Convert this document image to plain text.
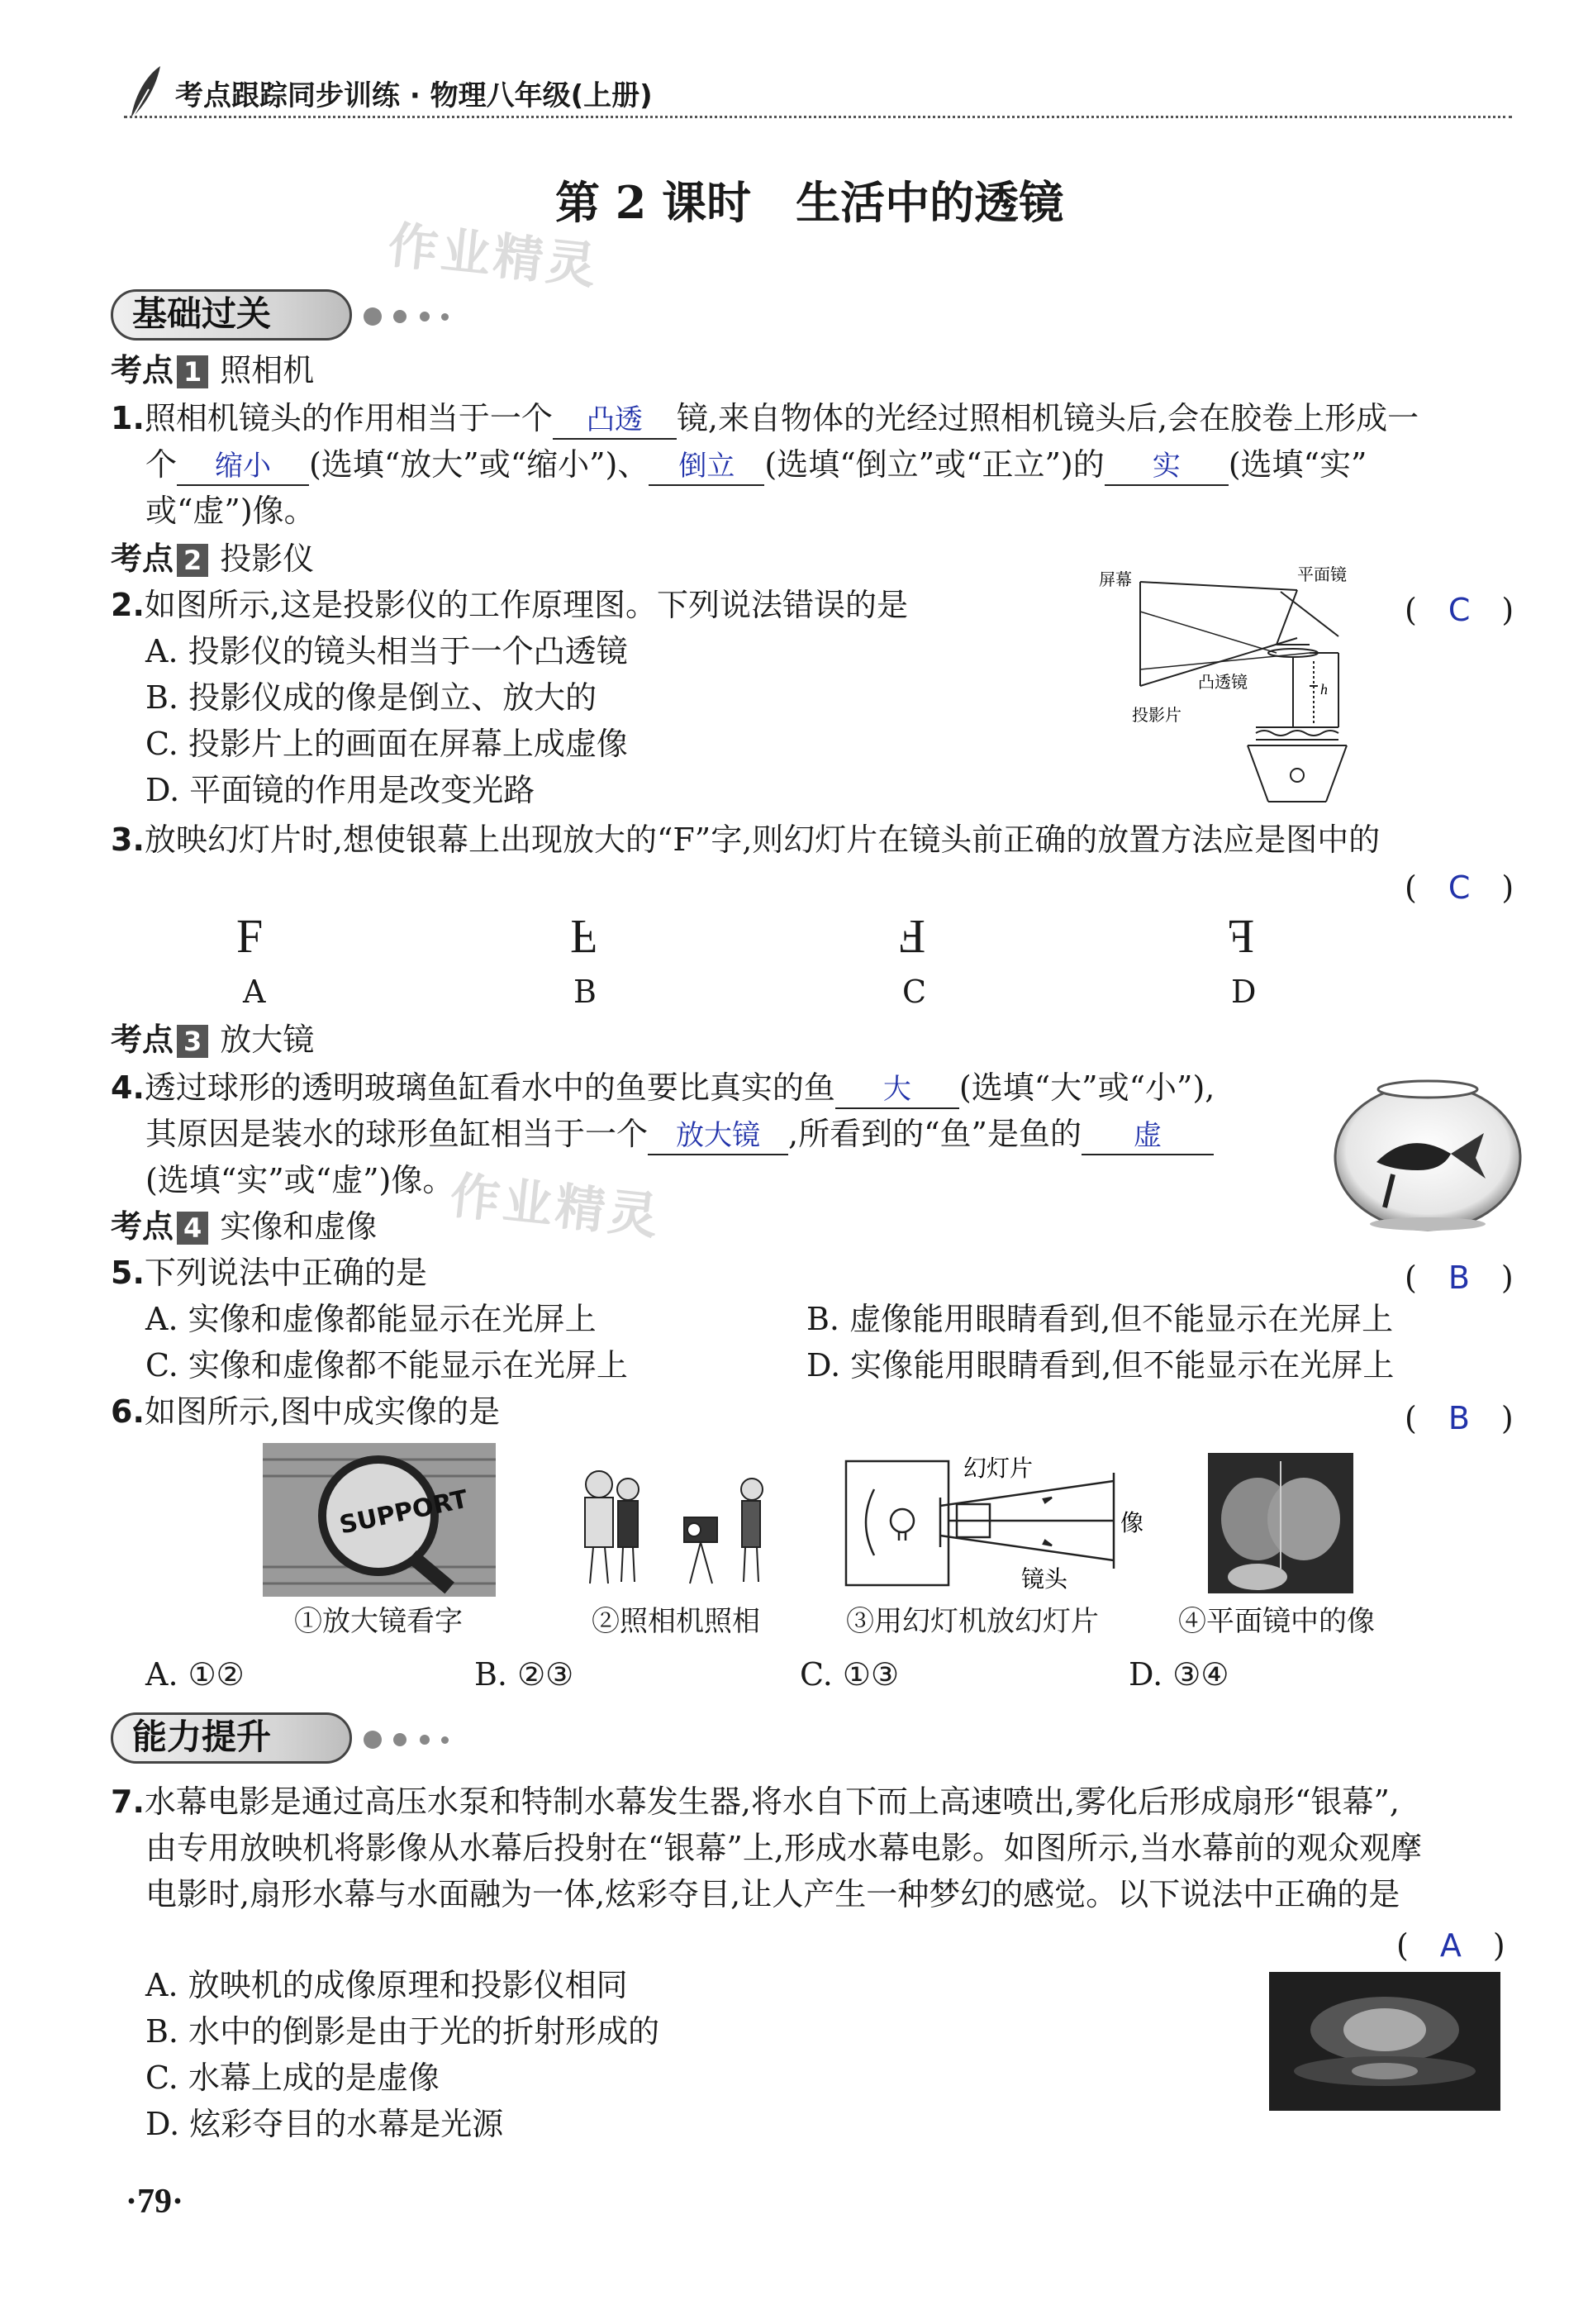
考点跟踪同步训练 · 物理八年级(上册)
第 2 课时　生活中的透镜
作业精灵
基础过关
考点 1 照相机
1.照相机镜头的作用相当于一个 凸透 镜,来自物体的光经过照相机镜头后,会在胶卷上形成一
个 缩小 (选填“放大”或“缩小”)、 倒立 (选填“倒立”或“正立”)的 实 (选填“实”
或“虚”)像。
考点 2 投影仪
2.如图所示,这是投影仪的工作原理图。下列说法错误的是	(　C　)
A. 投影仪的镜头相当于一个凸透镜
B. 投影仪成的像是倒立、放大的
C. 投影片上的画面在屏幕上成虚像
D. 平面镜的作用是改变光路
屏幕	平面镜
凸透镜
投影片
h
3.放映幻灯片时,想使银幕上出现放大的“F”字,则幻灯片在镜头前正确的放置方法应是图中的
(　C　)
F	F	F	F
A	B	C	D
考点 3 放大镜
4.透过球形的透明玻璃鱼缸看水中的鱼要比真实的鱼 大 (选填“大”或“小”),
其原因是装水的球形鱼缸相当于一个 放大镜 ,所看到的“鱼”是鱼的 虚
(选填“实”或“虚”)像。
作业精灵
考点 4 实像和虚像
5.下列说法中正确的是	(　B　)
A. 实像和虚像都能显示在光屏上	B. 虚像能用眼睛看到,但不能显示在光屏上
C. 实像和虚像都不能显示在光屏上	D. 实像能用眼睛看到,但不能显示在光屏上
6.如图所示,图中成实像的是	(　B　)
SUPPORT
幻灯片
像
镜头
①放大镜看字	②照相机照相	③用幻灯机放幻灯片	④平面镜中的像
A. ①②	B. ②③	C. ①③	D. ③④
能力提升
7.水幕电影是通过高压水泵和特制水幕发生器,将水自下而上高速喷出,雾化后形成扇形“银幕”,
由专用放映机将影像从水幕后投射在“银幕”上,形成水幕电影。如图所示,当水幕前的观众观摩
电影时,扇形水幕与水面融为一体,炫彩夺目,让人产生一种梦幻的感觉。以下说法中正确的是
(　A　)
A. 放映机的成像原理和投影仪相同
B. 水中的倒影是由于光的折射形成的
C. 水幕上成的是虚像
D. 炫彩夺目的水幕是光源
·79·
